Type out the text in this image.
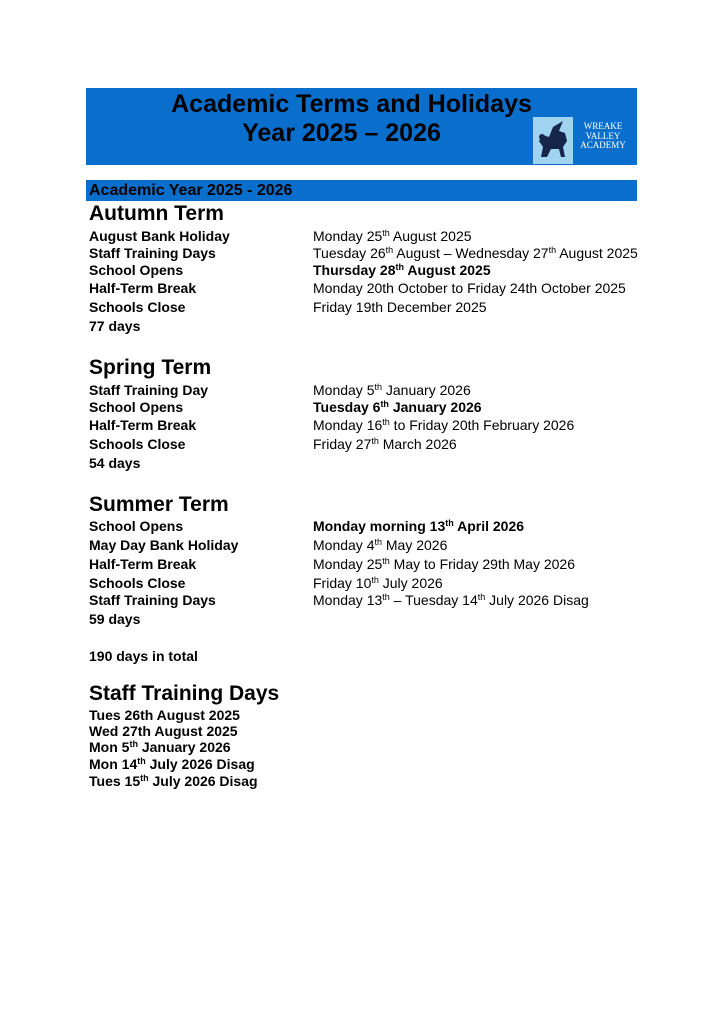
Academic Terms and Holidays
Year 2025 – 2026	WREAKE VALLEY ACADEMY
Academic Year 2025 - 2026
Autumn Term
August Bank Holiday	Monday 25th August 2025
Staff Training Days	Tuesday 26th August – Wednesday 27th August 2025
School Opens	Thursday 28th August 2025
Half-Term Break	Monday 20th October to Friday 24th October 2025
Schools Close	Friday 19th December 2025
77 days
Spring Term
Staff Training Day	Monday 5th January 2026
School Opens	Tuesday 6th January 2026
Half-Term Break	Monday 16th to Friday 20th February 2026
Schools Close	Friday 27th March 2026
54 days
Summer Term
School Opens	Monday morning 13th April 2026
May Day Bank Holiday	Monday 4th May 2026
Half-Term Break	Monday 25th May to Friday 29th May 2026
Schools Close	Friday 10th July 2026
Staff Training Days	Monday 13th – Tuesday 14th July 2026 Disag
59 days
190 days in total
Staff Training Days
Tues 26th August 2025
Wed 27th August 2025
Mon 5th January 2026
Mon 14th July 2026 Disag
Tues 15th July 2026 Disag
